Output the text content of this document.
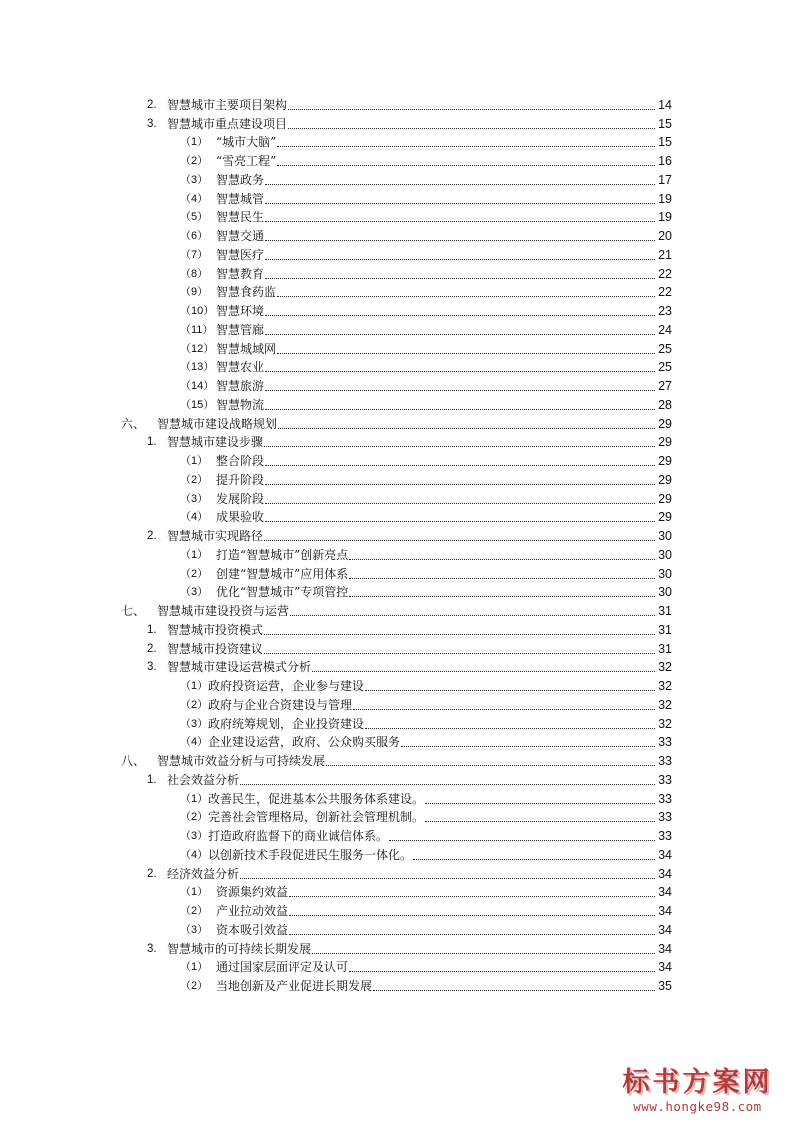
2. 智慧城市主要项目架构	14
3. 智慧城市重点建设项目	15
（1） “城市大脑”	15
（2） “雪亮工程”	16
（3） 智慧政务	17
（4） 智慧城管	19
（5） 智慧民生	19
（6） 智慧交通	20
（7） 智慧医疗	21
（8） 智慧教育	22
（9） 智慧食药监	22
（10） 智慧环境	23
（11） 智慧管廊	24
（12） 智慧城域网	25
（13） 智慧农业	25
（14） 智慧旅游	27
（15） 智慧物流	28
六、 智慧城市建设战略规划	29
1. 智慧城市建设步骤	29
（1） 整合阶段	29
（2） 提升阶段	29
（3） 发展阶段	29
（4） 成果验收	29
2. 智慧城市实现路径	30
（1） 打造“智慧城市”创新亮点	30
（2） 创建“智慧城市”应用体系	30
（3） 优化“智慧城市”专项管控	30
七、 智慧城市建设投资与运营	31
1. 智慧城市投资模式	31
2. 智慧城市投资建议	31
3. 智慧城市建设运营模式分析	32
（1） 政府投资运营，企业参与建设	32
（2） 政府与企业合资建设与管理	32
（3） 政府统筹规划，企业投资建设	32
（4） 企业建设运营，政府、公众购买服务	33
八、 智慧城市效益分析与可持续发展	33
1. 社会效益分析	33
（1） 改善民生，促进基本公共服务体系建设。	33
（2） 完善社会管理格局，创新社会管理机制。	33
（3） 打造政府监督下的商业诚信体系。	33
（4） 以创新技术手段促进民生服务一体化。	34
2. 经济效益分析	34
（1） 资源集约效益	34
（2） 产业拉动效益	34
（3） 资本吸引效益	34
3. 智慧城市的可持续长期发展	34
（1） 通过国家层面评定及认可	34
（2） 当地创新及产业促进长期发展	35
标书方案网
www.hongke98.com
